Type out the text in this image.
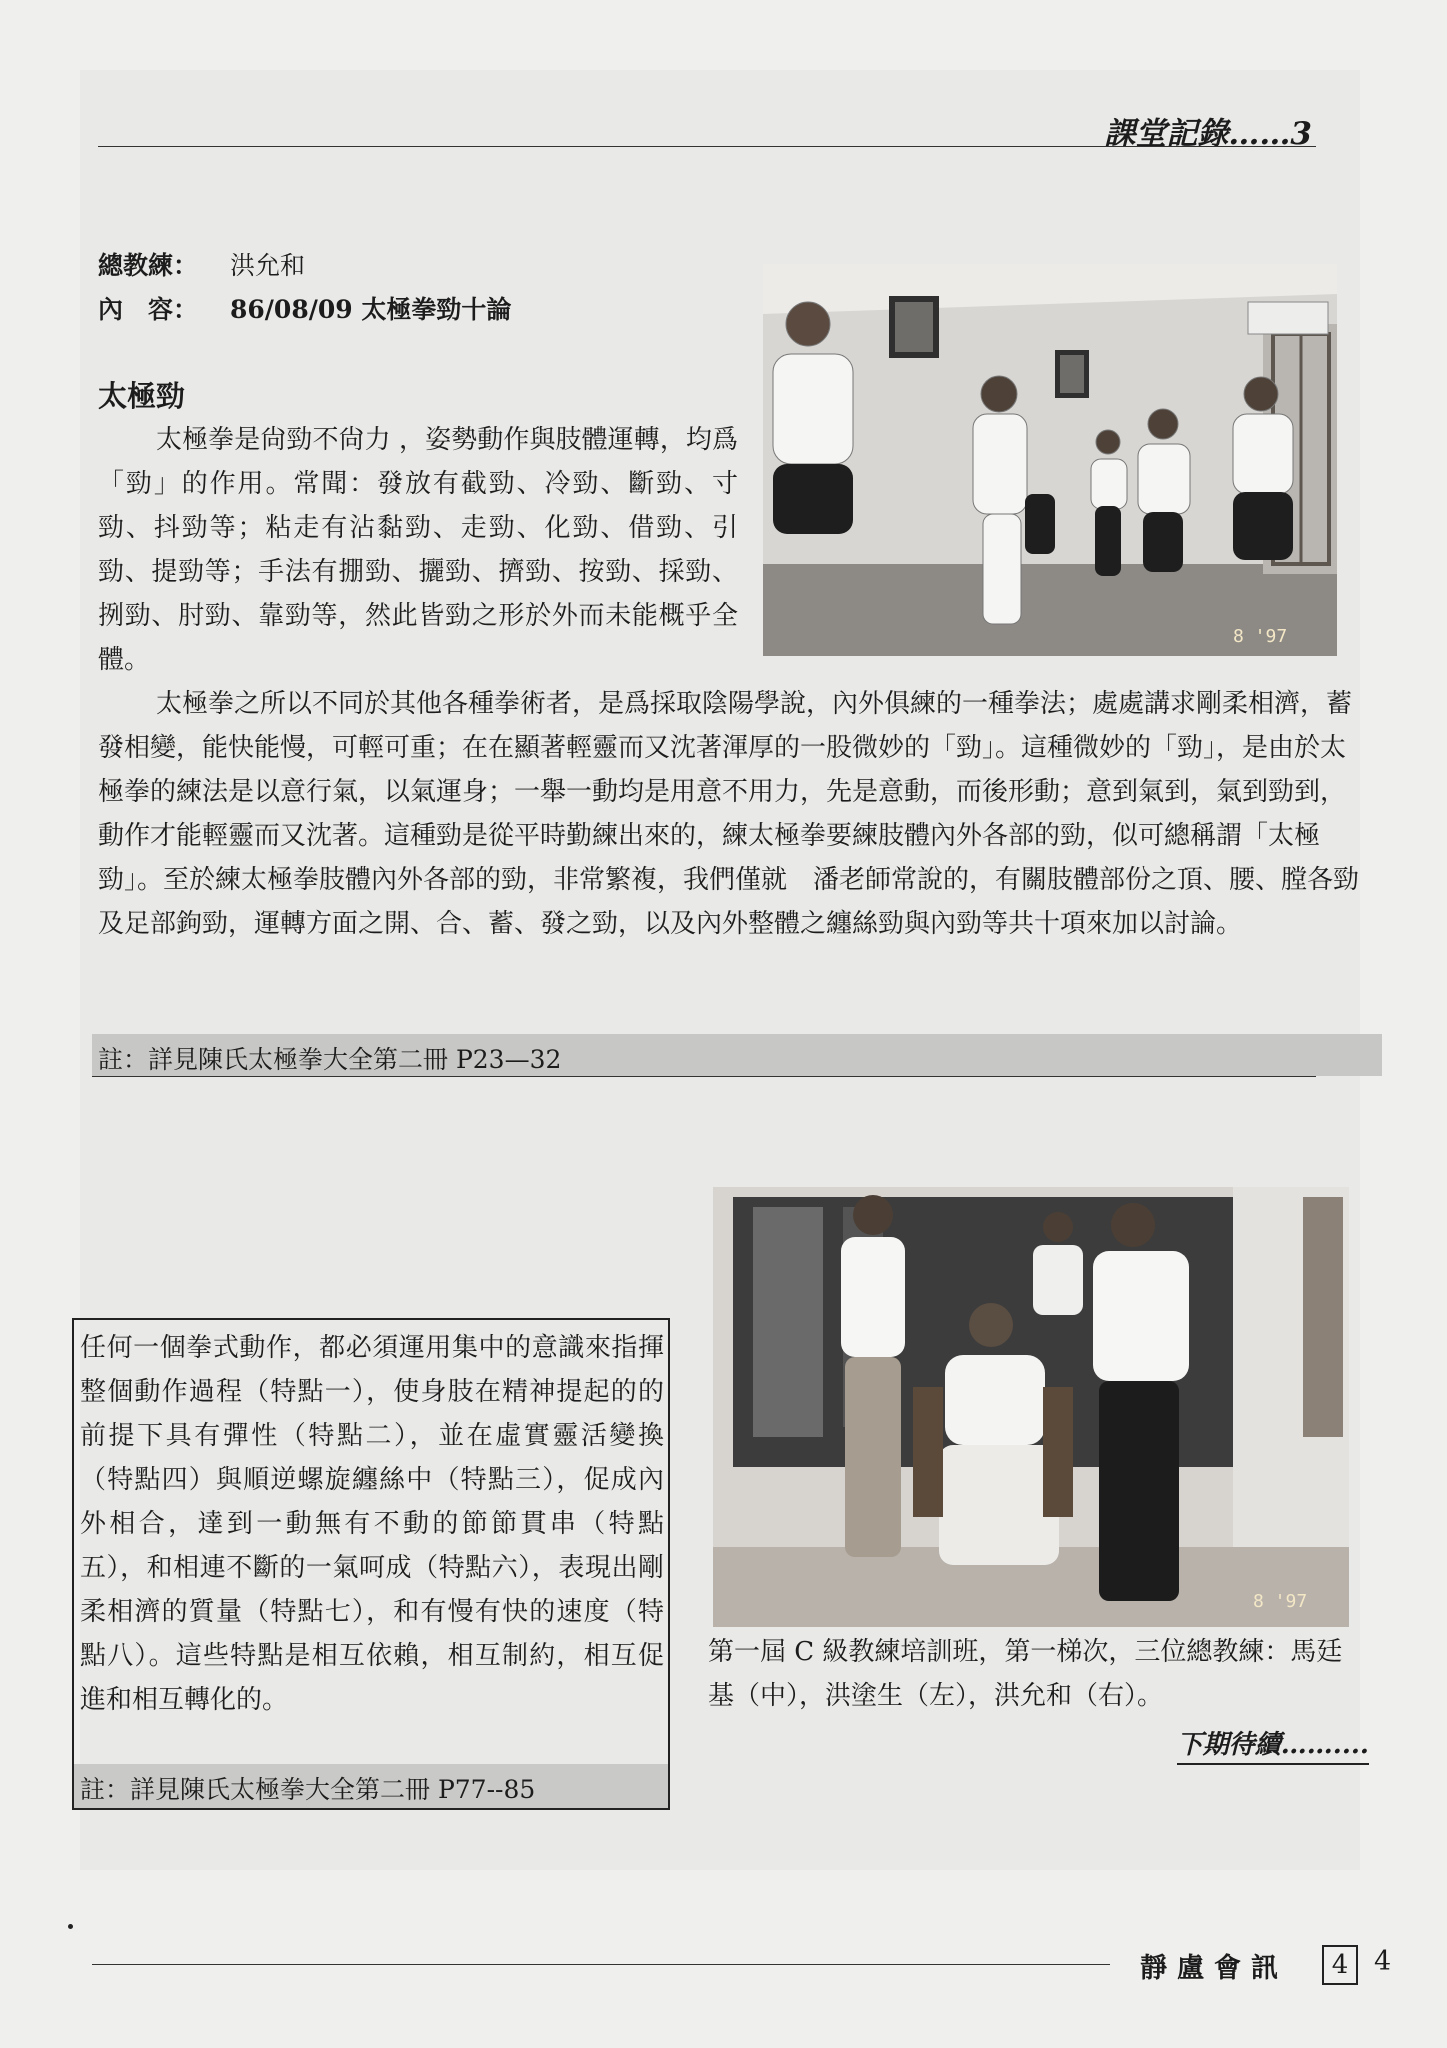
課堂記錄……3
總教練： 洪允和
內　容： 86/08/09 太極拳勁十論
8 '97
太極勁

太極拳是尙勁不尙力 ，姿勢動作與肢體運轉，均爲「勁」的作用。常聞：發放有截勁、冷勁、斷勁、寸勁、抖勁等；粘走有沾黏勁、走勁、化勁、借勁、引勁、提勁等；手法有掤勁、攦勁、擠勁、按勁、採勁、挒勁、肘勁、靠勁等，然此皆勁之形於外而未能概乎全體。

太極拳之所以不同於其他各種拳術者，是爲採取陰陽學說，內外俱練的一種拳法；處處講求剛柔相濟，蓄發相變，能快能慢，可輕可重；在在顯著輕靈而又沈著渾厚的一股微妙的「勁」。這種微妙的「勁」，是由於太極拳的練法是以意行氣，以氣運身；一舉一動均是用意不用力，先是意動，而後形動；意到氣到，氣到勁到，動作才能輕靈而又沈著。這種勁是從平時勤練出來的，練太極拳要練肢體內外各部的勁，似可總稱謂「太極勁」。至於練太極拳肢體內外各部的勁，非常繁複，我們僅就　潘老師常說的，有關肢體部份之頂、腰、膛各勁及足部鉤勁，運轉方面之開、合、蓄、發之勁，以及內外整體之纏絲勁與內勁等共十項來加以討論。

註：詳見陳氏太極拳大全第二冊 P23—32
8 '97

任何一個拳式動作，都必須運用集中的意識來指揮整個動作過程（特點一），使身肢在精神提起的的前提下具有彈性（特點二），並在虛實靈活變換（特點四）與順逆螺旋纏絲中（特點三），促成內外相合，達到一動無有不動的節節貫串（特點五），和相連不斷的一氣呵成（特點六），表現出剛柔相濟的質量（特點七），和有慢有快的速度（特點八）。這些特點是相互依賴，相互制約，相互促進和相互轉化的。

註：詳見陳氏太極拳大全第二冊 P77--85

第一屆 C 級教練培訓班，第一梯次，三位總教練：馬廷基（中），洪塗生（左），洪允和（右）。

下期待續……....
靜盧會訊	4 4
